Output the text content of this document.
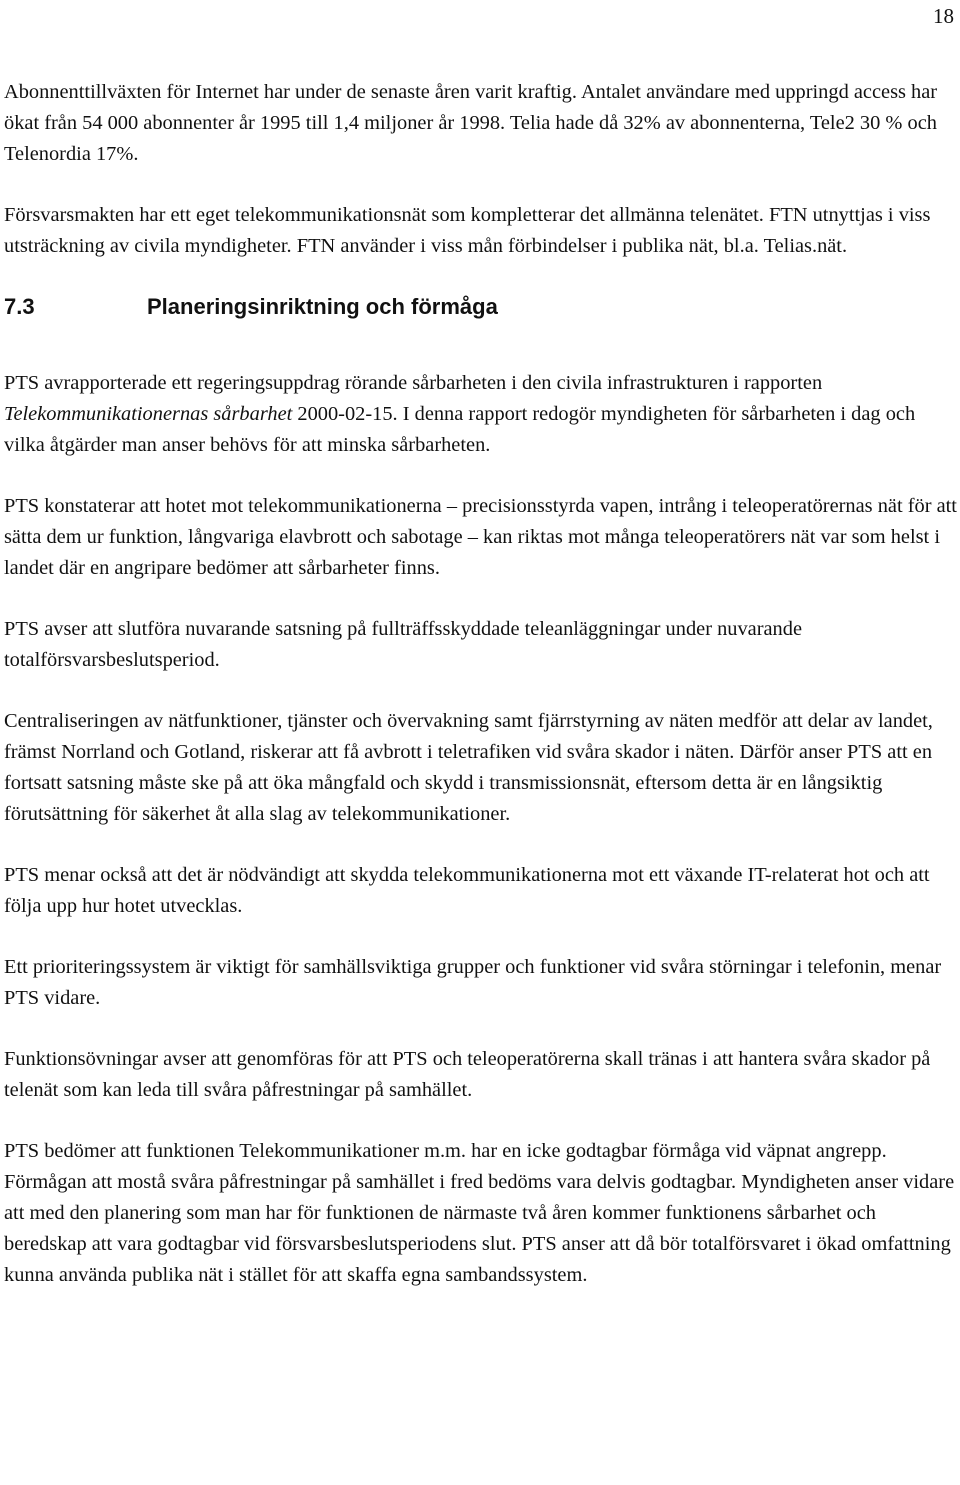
18

Abonnenttillväxten för Internet har under de senaste åren varit kraftig. Antalet användare med uppringd access har ökat från 54 000 abonnenter år 1995 till 1,4 miljoner år 1998. Telia hade då 32% av abonnenterna, Tele2 30 % och Telenordia 17%.

Försvarsmakten har ett eget telekommunikationsnät som kompletterar det allmänna telenätet. FTN utnyttjas i viss utsträckning av civila myndigheter. FTN använder i viss mån förbindelser i publika nät, bl.a. Telias.nät.

7.3	Planeringsinriktning och förmåga

PTS avrapporterade ett regeringsuppdrag rörande sårbarheten i den civila infrastrukturen i rapporten Telekommunikationernas sårbarhet 2000-02-15. I denna rapport redogör myndigheten för sårbarheten i dag och vilka åtgärder man anser behövs för att minska sårbarheten.

PTS konstaterar att hotet mot telekommunikationerna – precisionsstyrda vapen, intrång i teleoperatörernas nät för att sätta dem ur funktion, långvariga elavbrott och sabotage – kan riktas mot många teleoperatörers nät var som helst i landet där en angripare bedömer att sårbarheter finns.

PTS avser att slutföra nuvarande satsning på fullträffsskyddade teleanläggningar under nuvarande totalförsvarsbeslutsperiod.

Centraliseringen av nätfunktioner, tjänster och övervakning samt fjärrstyrning av näten medför att delar av landet, främst Norrland och Gotland, riskerar att få avbrott i teletrafiken vid svåra skador i näten. Därför anser PTS att en fortsatt satsning måste ske på att öka mångfald och skydd i transmissionsnät, eftersom detta är en långsiktig förutsättning för säkerhet åt alla slag av telekommunikationer.

PTS menar också att det är nödvändigt att skydda telekommunikationerna mot ett växande IT-relaterat hot och att följa upp hur hotet utvecklas.

Ett prioriteringssystem är viktigt för samhällsviktiga grupper och funktioner vid svåra störningar i telefonin, menar PTS vidare.

Funktionsövningar avser att genomföras för att PTS och teleoperatörerna skall tränas i att hantera svåra skador på telenät som kan leda till svåra påfrestningar på samhället.

PTS bedömer att funktionen Telekommunikationer m.m. har en icke godtagbar förmåga vid väpnat angrepp. Förmågan att mostå svåra påfrestningar på samhället i fred bedöms vara delvis godtagbar. Myndigheten anser vidare att med den planering som man har för funktionen de närmaste två åren kommer funktionens sårbarhet och beredskap att vara godtagbar vid försvarsbeslutsperiodens slut. PTS anser att då bör totalförsvaret i ökad omfattning kunna använda publika nät i stället för att skaffa egna sambandssystem.
